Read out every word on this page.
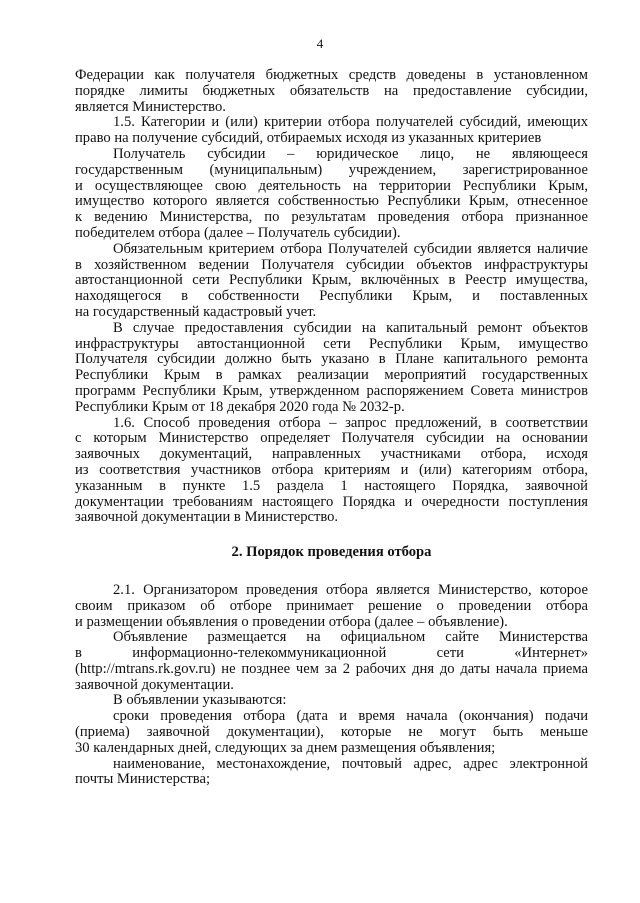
4
Федерации как получателя бюджетных средств доведены в установленном
порядке лимиты бюджетных обязательств на предоставление субсидии,
является Министерство.
1.5. Категории и (или) критерии отбора получателей субсидий, имеющих
право на получение субсидий, отбираемых исходя из указанных критериев
Получатель субсидии – юридическое лицо, не являющееся
государственным (муниципальным) учреждением, зарегистрированное
и осуществляющее свою деятельность на территории Республики Крым,
имущество которого является собственностью Республики Крым, отнесенное
к ведению Министерства, по результатам проведения отбора признанное
победителем отбора (далее – Получатель субсидии).
Обязательным критерием отбора Получателей субсидии является наличие
в хозяйственном ведении Получателя субсидии объектов инфраструктуры
автостанционной сети Республики Крым, включённых в Реестр имущества,
находящегося в собственности Республики Крым, и поставленных
на государственный кадастровый учет.
В случае предоставления субсидии на капитальный ремонт объектов
инфраструктуры автостанционной сети Республики Крым, имущество
Получателя субсидии должно быть указано в Плане капитального ремонта
Республики Крым в рамках реализации мероприятий государственных
программ Республики Крым, утвержденном распоряжением Совета министров
Республики Крым от 18 декабря 2020 года № 2032-р.
1.6. Способ проведения отбора – запрос предложений, в соответствии
с которым Министерство определяет Получателя субсидии на основании
заявочных документаций, направленных участниками отбора, исходя
из соответствия участников отбора критериям и (или) категориям отбора,
указанным в пункте 1.5 раздела 1 настоящего Порядка, заявочной
документации требованиям настоящего Порядка и очередности поступления
заявочной документации в Министерство.
2. Порядок проведения отбора
2.1. Организатором проведения отбора является Министерство, которое
своим приказом об отборе принимает решение о проведении отбора
и размещении объявления о проведении отбора (далее – объявление).
Объявление размещается на официальном сайте Министерства
в информационно-телекоммуникационной сети «Интернет»
(http://mtrans.rk.gov.ru) не позднее чем за 2 рабочих дня до даты начала приема
заявочной документации.
В объявлении указываются:
сроки проведения отбора (дата и время начала (окончания) подачи
(приема) заявочной документации), которые не могут быть меньше
30 календарных дней, следующих за днем размещения объявления;
наименование, местонахождение, почтовый адрес, адрес электронной
почты Министерства;
